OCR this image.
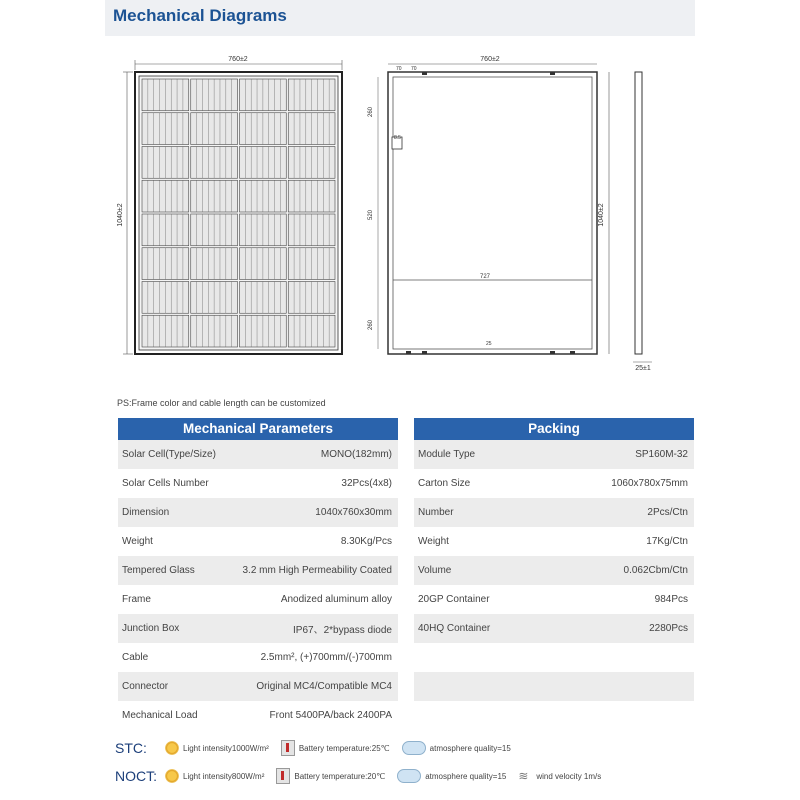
Mechanical Diagrams
760±2
1040±2
760±2
70 70
727
8.5
260
520
260
25
1040±2
25±1
PS:Frame color and cable length can be customized
Mechanical Parameters
Solar Cell(Type/Size)	MONO(182mm)
Solar Cells Number	32Pcs(4x8)
Dimension	1040x760x30mm
Weight	8.30Kg/Pcs
Tempered Glass	3.2 mm High Permeability Coated
Frame	Anodized aluminum alloy
Junction Box	IP67、2*bypass diode
Cable	2.5mm², (+)700mm/(-)700mm
Connector	Original MC4/Compatible MC4
Mechanical Load	Front 5400PA/back 2400PA
Packing
Module Type	SP160M-32
Carton Size	1060x780x75mm
Number	2Pcs/Ctn
Weight	17Kg/Ctn
Volume	0.062Cbm/Ctn
20GP Container	984Pcs
40HQ Container	2280Pcs
STC:	Light intensity1000W/m²	Battery temperature:25℃	atmosphere quality=15
NOCT:	Light intensity800W/m²	Battery temperature:20℃	atmosphere quality=15 ≋ wind velocity 1m/s
